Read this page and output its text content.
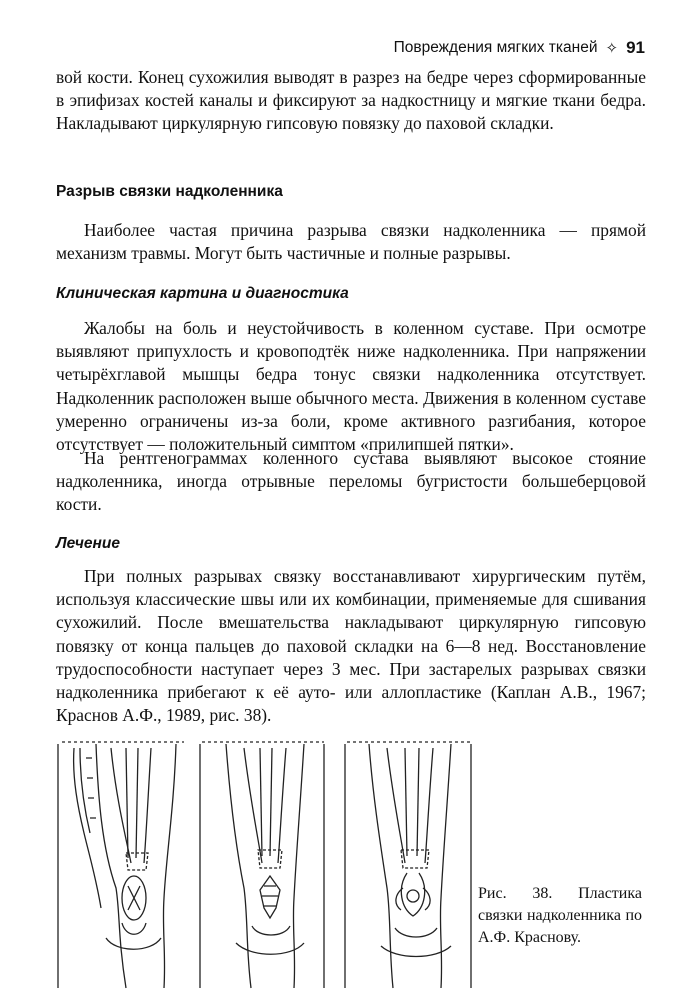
Повреждения мягких тканей ✧ 91

вой кости. Конец сухожилия выводят в разрез на бедре через сформированные в эпифизах костей каналы и фиксируют за надкостницу и мягкие ткани бедра. Накладывают циркулярную гипсовую повязку до паховой складки.

Разрыв связки надколенника

Наиболее частая причина разрыва связки надколенника — прямой механизм травмы. Могут быть частичные и полные разрывы.

Клиническая картина и диагностика

Жалобы на боль и неустойчивость в коленном суставе. При осмотре выявляют припухлость и кровоподтёк ниже надколенника. При напряжении четырёхглавой мышцы бедра тонус связки надколенника отсутствует. Надколенник расположен выше обычного места. Движения в коленном суставе умеренно ограничены из-за боли, кроме активного разгибания, которое отсутствует — положительный симптом «прилипшей пятки».

На рентгенограммах коленного сустава выявляют высокое стояние надколенника, иногда отрывные переломы бугристости большеберцовой кости.

Лечение

При полных разрывах связку восстанавливают хирургическим путём, используя классические швы или их комбинации, применяемые для сшивания сухожилий. После вмешательства накладывают циркулярную гипсовую повязку от конца пальцев до паховой складки на 6—8 нед. Восстановление трудоспособности наступает через 3 мес. При застарелых разрывах связки надколенника прибегают к её ауто- или аллопластике (Каплан А.В., 1967; Краснов А.Ф., 1989, рис. 38).

Рис. 38. Пластика связки надколенника по А.Ф. Краснову.
